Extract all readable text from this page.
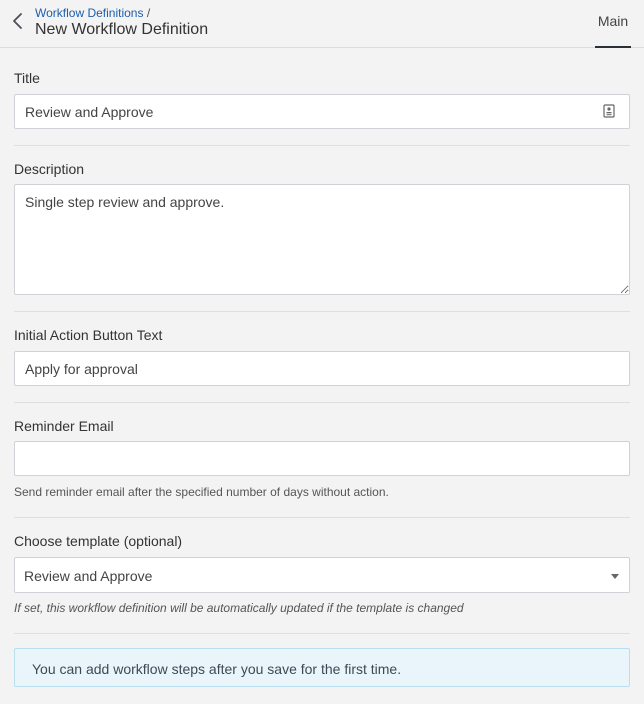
Workflow Definitions /
New Workflow Definition	Main
Title
Review and Approve
Description
Single step review and approve.
Initial Action Button Text
Apply for approval
Reminder Email
Send reminder email after the specified number of days without action.
Choose template (optional)
Review and Approve
If set, this workflow definition will be automatically updated if the template is changed
You can add workflow steps after you save for the first time.
